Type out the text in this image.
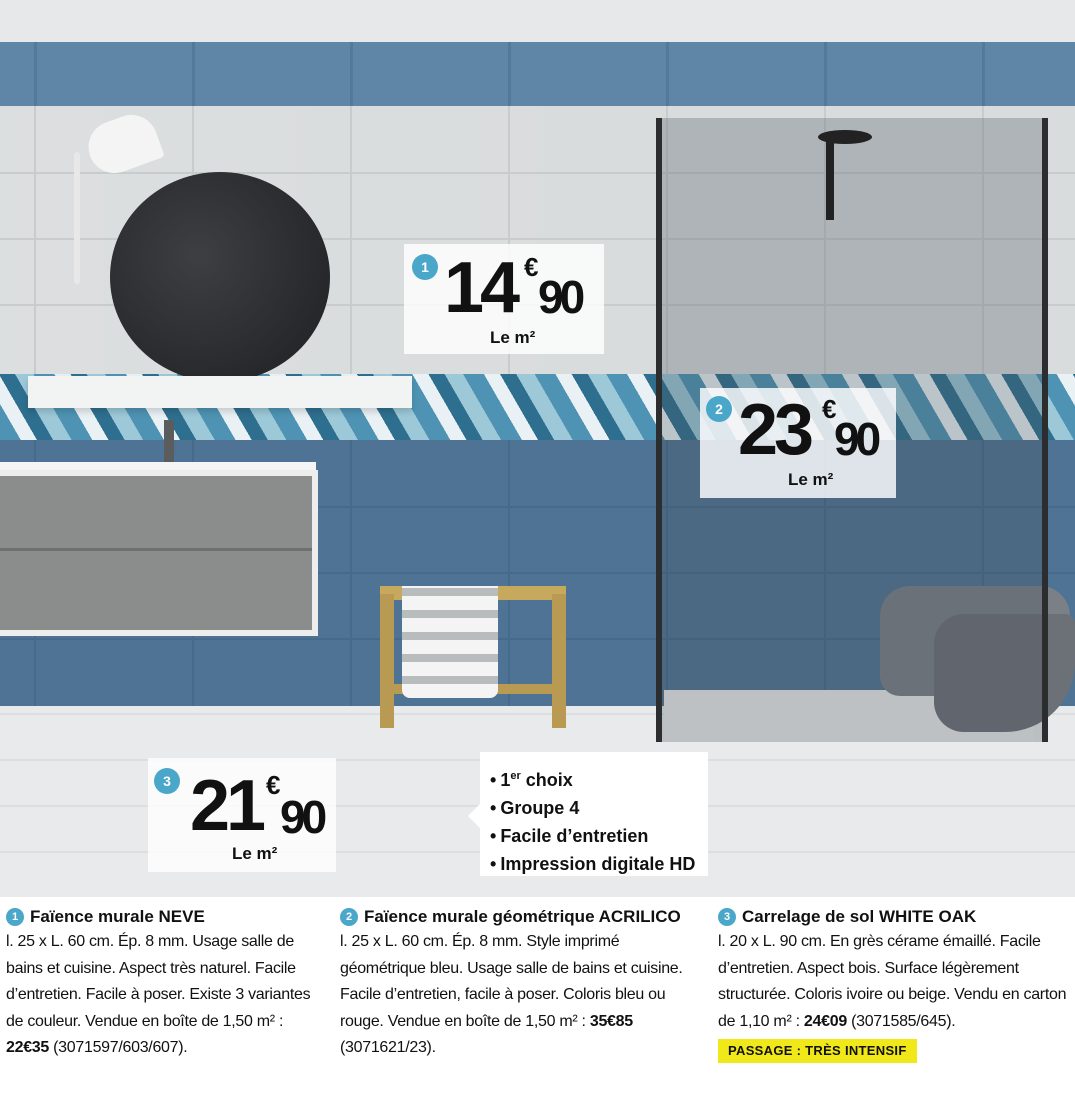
1 14 €
90
Le m²
2 23 €
90
Le m²
3 21 €
90
Le m²
• 1er choix
• Groupe 4
• Facile d’entretien
• Impression digitale HD
1 Faïence murale NEVE
l. 25 x L. 60 cm. Ép. 8 mm. Usage salle de bains et cuisine. Aspect très naturel. Facile d’entretien. Facile à poser. Existe 3 variantes de couleur. Vendue en boîte de 1,50 m² : 22€35 (3071597/603/607).
2 Faïence murale géométrique ACRILICO
l. 25 x L. 60 cm. Ép. 8 mm. Style imprimé géométrique bleu. Usage salle de bains et cuisine. Facile d’entretien, facile à poser. Coloris bleu ou rouge. Vendue en boîte de 1,50 m² : 35€85 (3071621/23).
3 Carrelage de sol WHITE OAK
l. 20 x L. 90 cm. En grès cérame émaillé. Facile d’entretien. Aspect bois. Surface légèrement structurée. Coloris ivoire ou beige. Vendu en carton de 1,10 m² : 24€09 (3071585/645).
PASSAGE : TRÈS INTENSIF
